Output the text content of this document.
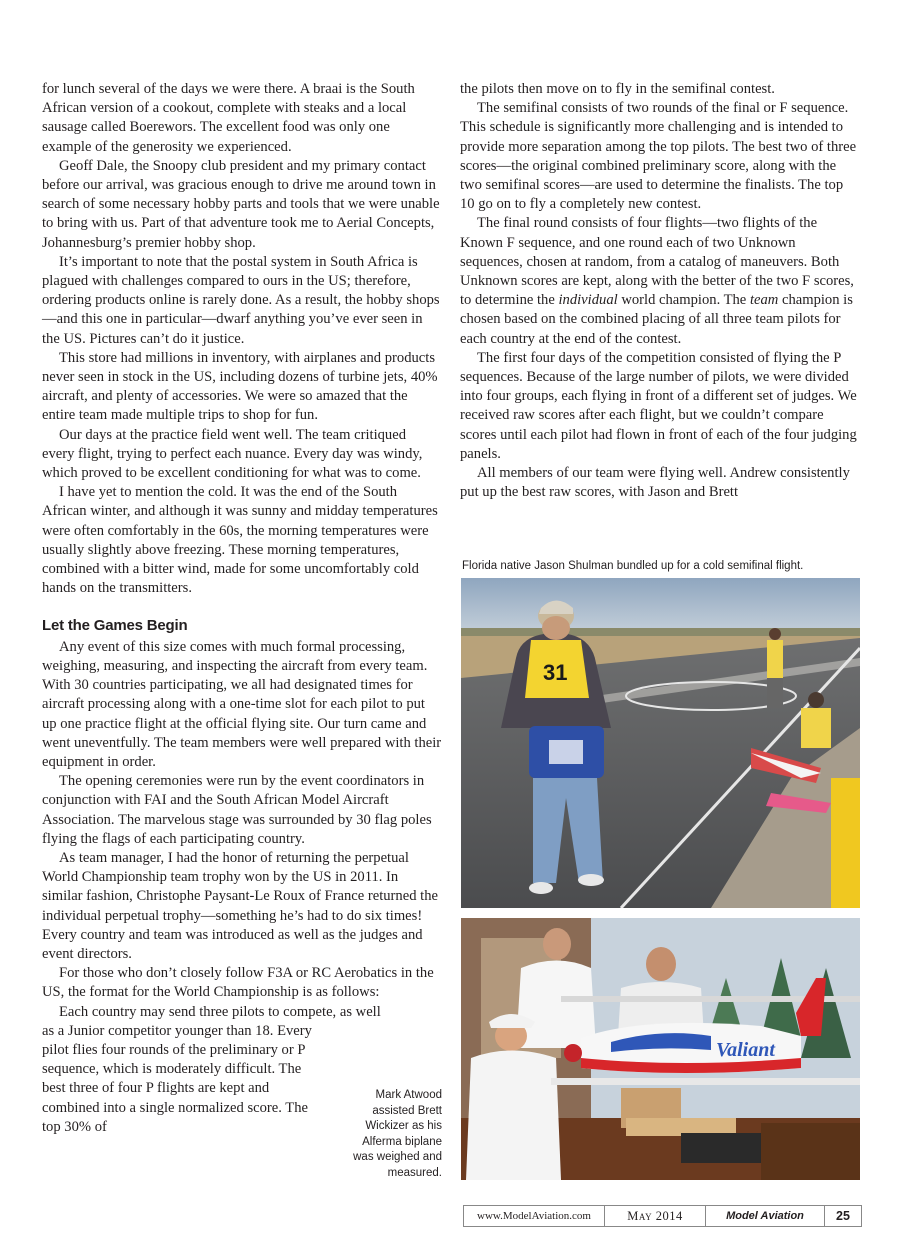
for lunch several of the days we were there. A braai is the South African version of a cookout, complete with steaks and a local sausage called Boerewors. The excellent food was only one example of the generosity we experienced.

Geoff Dale, the Snoopy club president and my primary contact before our arrival, was gracious enough to drive me around town in search of some necessary hobby parts and tools that we were unable to bring with us. Part of that adventure took me to Aerial Concepts, Johannesburg’s premier hobby shop.

It’s important to note that the postal system in South Africa is plagued with challenges compared to ours in the US; therefore, ordering products online is rarely done. As a result, the hobby shops—and this one in particular—dwarf anything you’ve ever seen in the US. Pictures can’t do it justice.

This store had millions in inventory, with airplanes and products never seen in stock in the US, including dozens of turbine jets, 40% aircraft, and plenty of accessories. We were so amazed that the entire team made multiple trips to shop for fun.

Our days at the practice field went well. The team critiqued every flight, trying to perfect each nuance. Every day was windy, which proved to be excellent conditioning for what was to come.

I have yet to mention the cold. It was the end of the South African winter, and although it was sunny and midday temperatures were often comfortably in the 60s, the morning temperatures were usually slightly above freezing. These morning temperatures, combined with a bitter wind, made for some uncomfortably cold hands on the transmitters.

Let the Games Begin

Any event of this size comes with much formal processing, weighing, measuring, and inspecting the aircraft from every team. With 30 countries participating, we all had designated times for aircraft processing along with a one-time slot for each pilot to put up one practice flight at the official flying site. Our turn came and went uneventfully. The team members were well prepared with their equipment in order.

The opening ceremonies were run by the event coordinators in conjunction with FAI and the South African Model Aircraft Association. The marvelous stage was surrounded by 30 flag poles flying the flags of each participating country.

As team manager, I had the honor of returning the perpetual World Championship team trophy won by the US in 2011. In similar fashion, Christophe Paysant-Le Roux of France returned the individual perpetual trophy—something he’s had to do six times! Every country and team was introduced as well as the judges and event directors.

For those who don’t closely follow F3A or RC Aerobatics in the US, the format for the World Championship is as follows:

Each country may send three pilots to compete, as well

as a Junior competitor younger than 18. Every pilot flies four rounds of the preliminary or P sequence, which is moderately difficult. The best three of four P flights are kept and combined into a single normalized score. The top 30% of

the pilots then move on to fly in the semifinal contest.

The semifinal consists of two rounds of the final or F sequence. This schedule is significantly more challenging and is intended to provide more separation among the top pilots. The best two of three scores—the original combined preliminary score, along with the two semifinal scores—are used to determine the finalists. The top 10 go on to fly a completely new contest.

The final round consists of four flights—two flights of the Known F sequence, and one round each of two Unknown sequences, chosen at random, from a catalog of maneuvers. Both Unknown scores are kept, along with the better of the two F scores, to determine the individual world champion. The team champion is chosen based on the combined placing of all three team pilots for each country at the end of the contest.

The first four days of the competition consisted of flying the P sequences. Because of the large number of pilots, we were divided into four groups, each flying in front of a different set of judges. We received raw scores after each flight, but we couldn’t compare scores until each pilot had flown in front of each of the four judging panels.

All members of our team were flying well. Andrew consistently put up the best raw scores, with Jason and Brett

Florida native Jason Shulman bundled up for a cold semifinal flight.
31
Valiant
Mark Atwood assisted Brett Wickizer as his Alferma biplane was weighed and measured.
www.ModelAviation.com	May 2014	Model Aviation	25
